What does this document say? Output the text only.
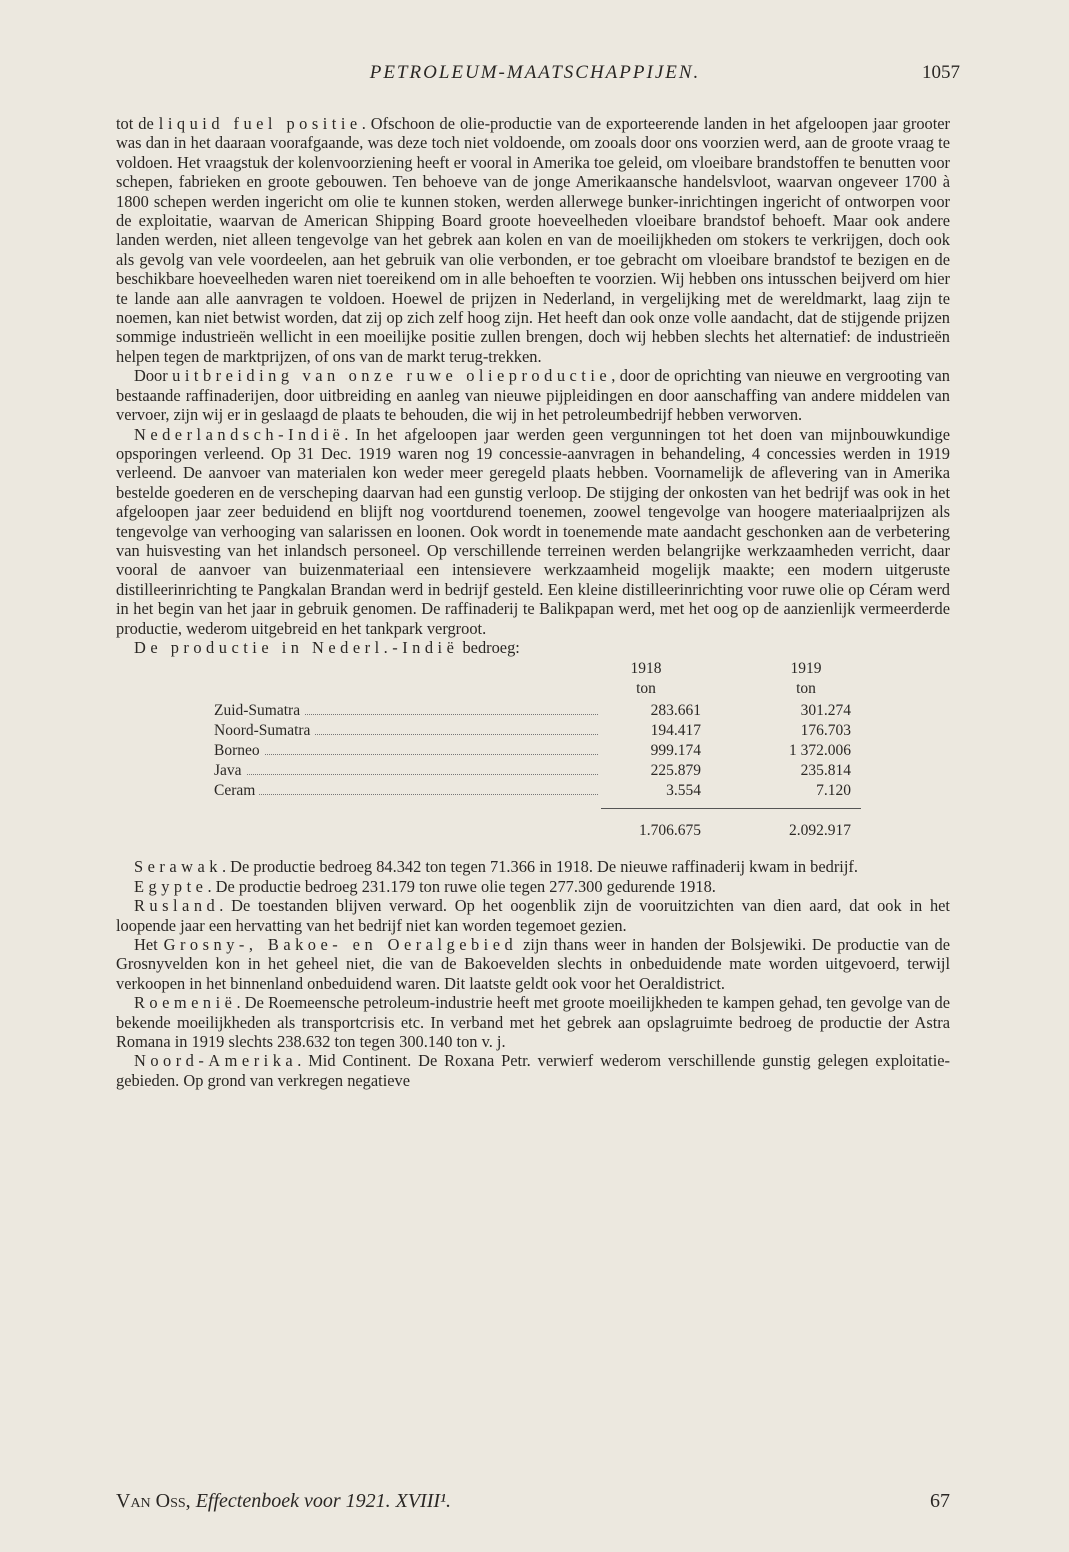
PETROLEUM-MAATSCHAPPIJEN.	1057

tot de liquid fuel positie. Ofschoon de olie-productie van de exporteerende landen in het afgeloopen jaar grooter was dan in het daaraan voorafgaande, was deze toch niet voldoende, om zooals door ons voorzien werd, aan de groote vraag te voldoen. Het vraagstuk der kolenvoorziening heeft er vooral in Amerika toe geleid, om vloeibare brandstoffen te benutten voor schepen, fabrieken en groote gebouwen. Ten behoeve van de jonge Amerikaansche handelsvloot, waarvan ongeveer 1700 à 1800 schepen werden ingericht om olie te kunnen stoken, werden allerwege bunker-inrichtingen ingericht of ontworpen voor de exploitatie, waarvan de American Shipping Board groote hoeveelheden vloeibare brandstof behoeft. Maar ook andere landen werden, niet alleen tengevolge van het gebrek aan kolen en van de moeilijkheden om stokers te verkrijgen, doch ook als gevolg van vele voordeelen, aan het gebruik van olie verbonden, er toe gebracht om vloeibare brandstof te bezigen en de beschikbare hoeveelheden waren niet toereikend om in alle behoeften te voorzien. Wij hebben ons intusschen beijverd om hier te lande aan alle aanvragen te voldoen. Hoewel de prijzen in Nederland, in vergelijking met de wereldmarkt, laag zijn te noemen, kan niet betwist worden, dat zij op zich zelf hoog zijn. Het heeft dan ook onze volle aandacht, dat de stijgende prijzen sommige industrieën wellicht in een moeilijke positie zullen brengen, doch wij hebben slechts het alternatief: de industrieën helpen tegen de marktprijzen, of ons van de markt terug-trekken.

Door uitbreiding van onze ruwe olieproductie, door de oprichting van nieuwe en vergrooting van bestaande raffinaderijen, door uitbreiding en aanleg van nieuwe pijpleidingen en door aanschaffing van andere middelen van vervoer, zijn wij er in geslaagd de plaats te behouden, die wij in het petroleumbedrijf hebben verworven.

Nederlandsch-Indië. In het afgeloopen jaar werden geen vergunningen tot het doen van mijnbouwkundige opsporingen verleend. Op 31 Dec. 1919 waren nog 19 concessie-aanvragen in behandeling, 4 concessies werden in 1919 verleend. De aanvoer van materialen kon weder meer geregeld plaats hebben. Voornamelijk de aflevering van in Amerika bestelde goederen en de verscheping daarvan had een gunstig verloop. De stijging der onkosten van het bedrijf was ook in het afgeloopen jaar zeer beduidend en blijft nog voortdurend toenemen, zoowel tengevolge van hoogere materiaalprijzen als tengevolge van verhooging van salarissen en loonen. Ook wordt in toenemende mate aandacht geschonken aan de verbetering van huisvesting van het inlandsch personeel. Op verschillende terreinen werden belangrijke werkzaamheden verricht, daar vooral de aanvoer van buizenmateriaal een intensievere werkzaamheid mogelijk maakte; een modern uitgeruste distilleerinrichting te Pangkalan Brandan werd in bedrijf gesteld. Een kleine distilleerinrichting voor ruwe olie op Céram werd in het begin van het jaar in gebruik genomen. De raffinaderij te Balikpapan werd, met het oog op de aanzienlijk vermeerderde productie, wederom uitgebreid en het tankpark vergroot.

De productie in Nederl.-Indië bedroeg:

1918	1919
ton	ton
Zuid-Sumatra	283.661	301.274
Noord-Sumatra	194.417	176.703
Borneo	999.174	1 372.006
Java	225.879	235.814
Ceram	3.554	7.120
1.706.675	2.092.917

Serawak. De productie bedroeg 84.342 ton tegen 71.366 in 1918. De nieuwe raffinaderij kwam in bedrijf.

Egypte. De productie bedroeg 231.179 ton ruwe olie tegen 277.300 gedurende 1918.

Rusland. De toestanden blijven verward. Op het oogenblik zijn de vooruitzichten van dien aard, dat ook in het loopende jaar een hervatting van het bedrijf niet kan worden tegemoet gezien.

Het Grosny-, Bakoe- en Oeralgebied zijn thans weer in handen der Bolsjewiki. De productie van de Grosnyvelden kon in het geheel niet, die van de Bakoevelden slechts in onbeduidende mate worden uitgevoerd, terwijl verkoopen in het binnenland onbeduidend waren. Dit laatste geldt ook voor het Oeraldistrict.

Roemenië. De Roemeensche petroleum-industrie heeft met groote moeilijkheden te kampen gehad, ten gevolge van de bekende moeilijkheden als transportcrisis etc. In verband met het gebrek aan opslagruimte bedroeg de productie der Astra Romana in 1919 slechts 238.632 ton tegen 300.140 ton v. j.

Noord-Amerika. Mid Continent. De Roxana Petr. verwierf wederom verschillende gunstig gelegen exploitatie-gebieden. Op grond van verkregen negatieve

Van Oss, Effectenboek voor 1921. XVIII¹.	67
